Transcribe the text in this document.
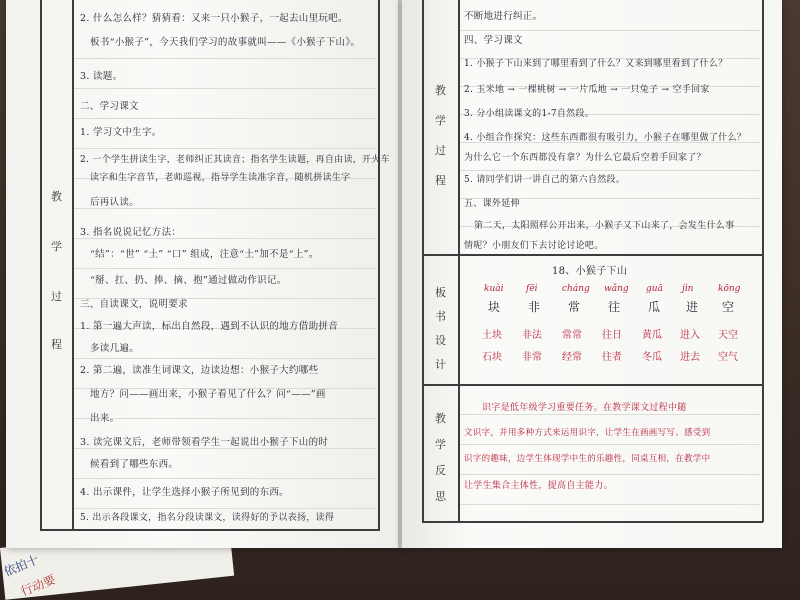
依拍十
行动要
教
学
过
程
2. 什么怎么样？猜猜看：又来一只小猴子，一起去山里玩吧。
板书“小猴子”，今天我们学习的故事就叫——《小猴子下山》。
3. 读题。
二、学习课文
1. 学习文中生字。
2. 一个学生拼读生字，老师纠正其读音；指名学生读题，再自由读，开火车
读字和生字音节，老师巡视，指导学生读准字音，随机拼读生字
后再认读。
3. 指名说说记忆方法：
“结”：“世” “土” “口” 组成，注意“土”加不是“上”。
“掰、扛、扔、捧、摘、抱”通过做动作识记。
三、自读课文，说明要求
1. 第一遍大声读，标出自然段，遇到不认识的地方借助拼音
多读几遍。
2. 第二遍，读准生词课文，边读边想：小猴子大约哪些
地方？问——画出来，小猴子看见了什么？问“——”画
出来。
3. 读完课文后，老师带领看学生一起说出小猴子下山的时
候看到了哪些东西。
4. 出示课件，让学生选择小猴子所见到的东西。
5. 出示各段课文，指名分段读课文，读得好的予以表扬，读得
教
学
过
程
不断地进行纠正。
四、学习课文
1. 小猴子下山来到了哪里看到了什么？又来到哪里看到了什么？
2. 玉米地 → 一棵桃树 → 一片瓜地 → 一只兔子 → 空手回家
3. 分小组读课文的1-7自然段。
4. 小组合作探究：这些东西都很有吸引力，小猴子在哪里做了什么？
为什么它一个东西都没有拿？为什么它最后空着手回家了？
5. 请同学们讲一讲自己的第六自然段。
五、课外延伸
第二天，太阳照样公开出来，小猴子又下山来了，会发生什么事
情呢？小朋友们下去讨论讨论吧。
板
书
设
计
18、小猴子下山
kuài	fēi	cháng wǎng guā jìn	kōng
块 非 常 往 瓜 进 空
土块 非法 常常 往日 黄瓜 进入 天空
石块 非常 经常 往者 冬瓜 进去 空气
教
学
反
思
识字是低年级学习重要任务。在教学课文过程中随
文识字，并用多种方式来运用识字，让学生在画画写写、感受到
识字的趣味，边学生体现学中生的乐趣性，同桌互相，在教学中
让学生集合主体性，提高自主能力。
